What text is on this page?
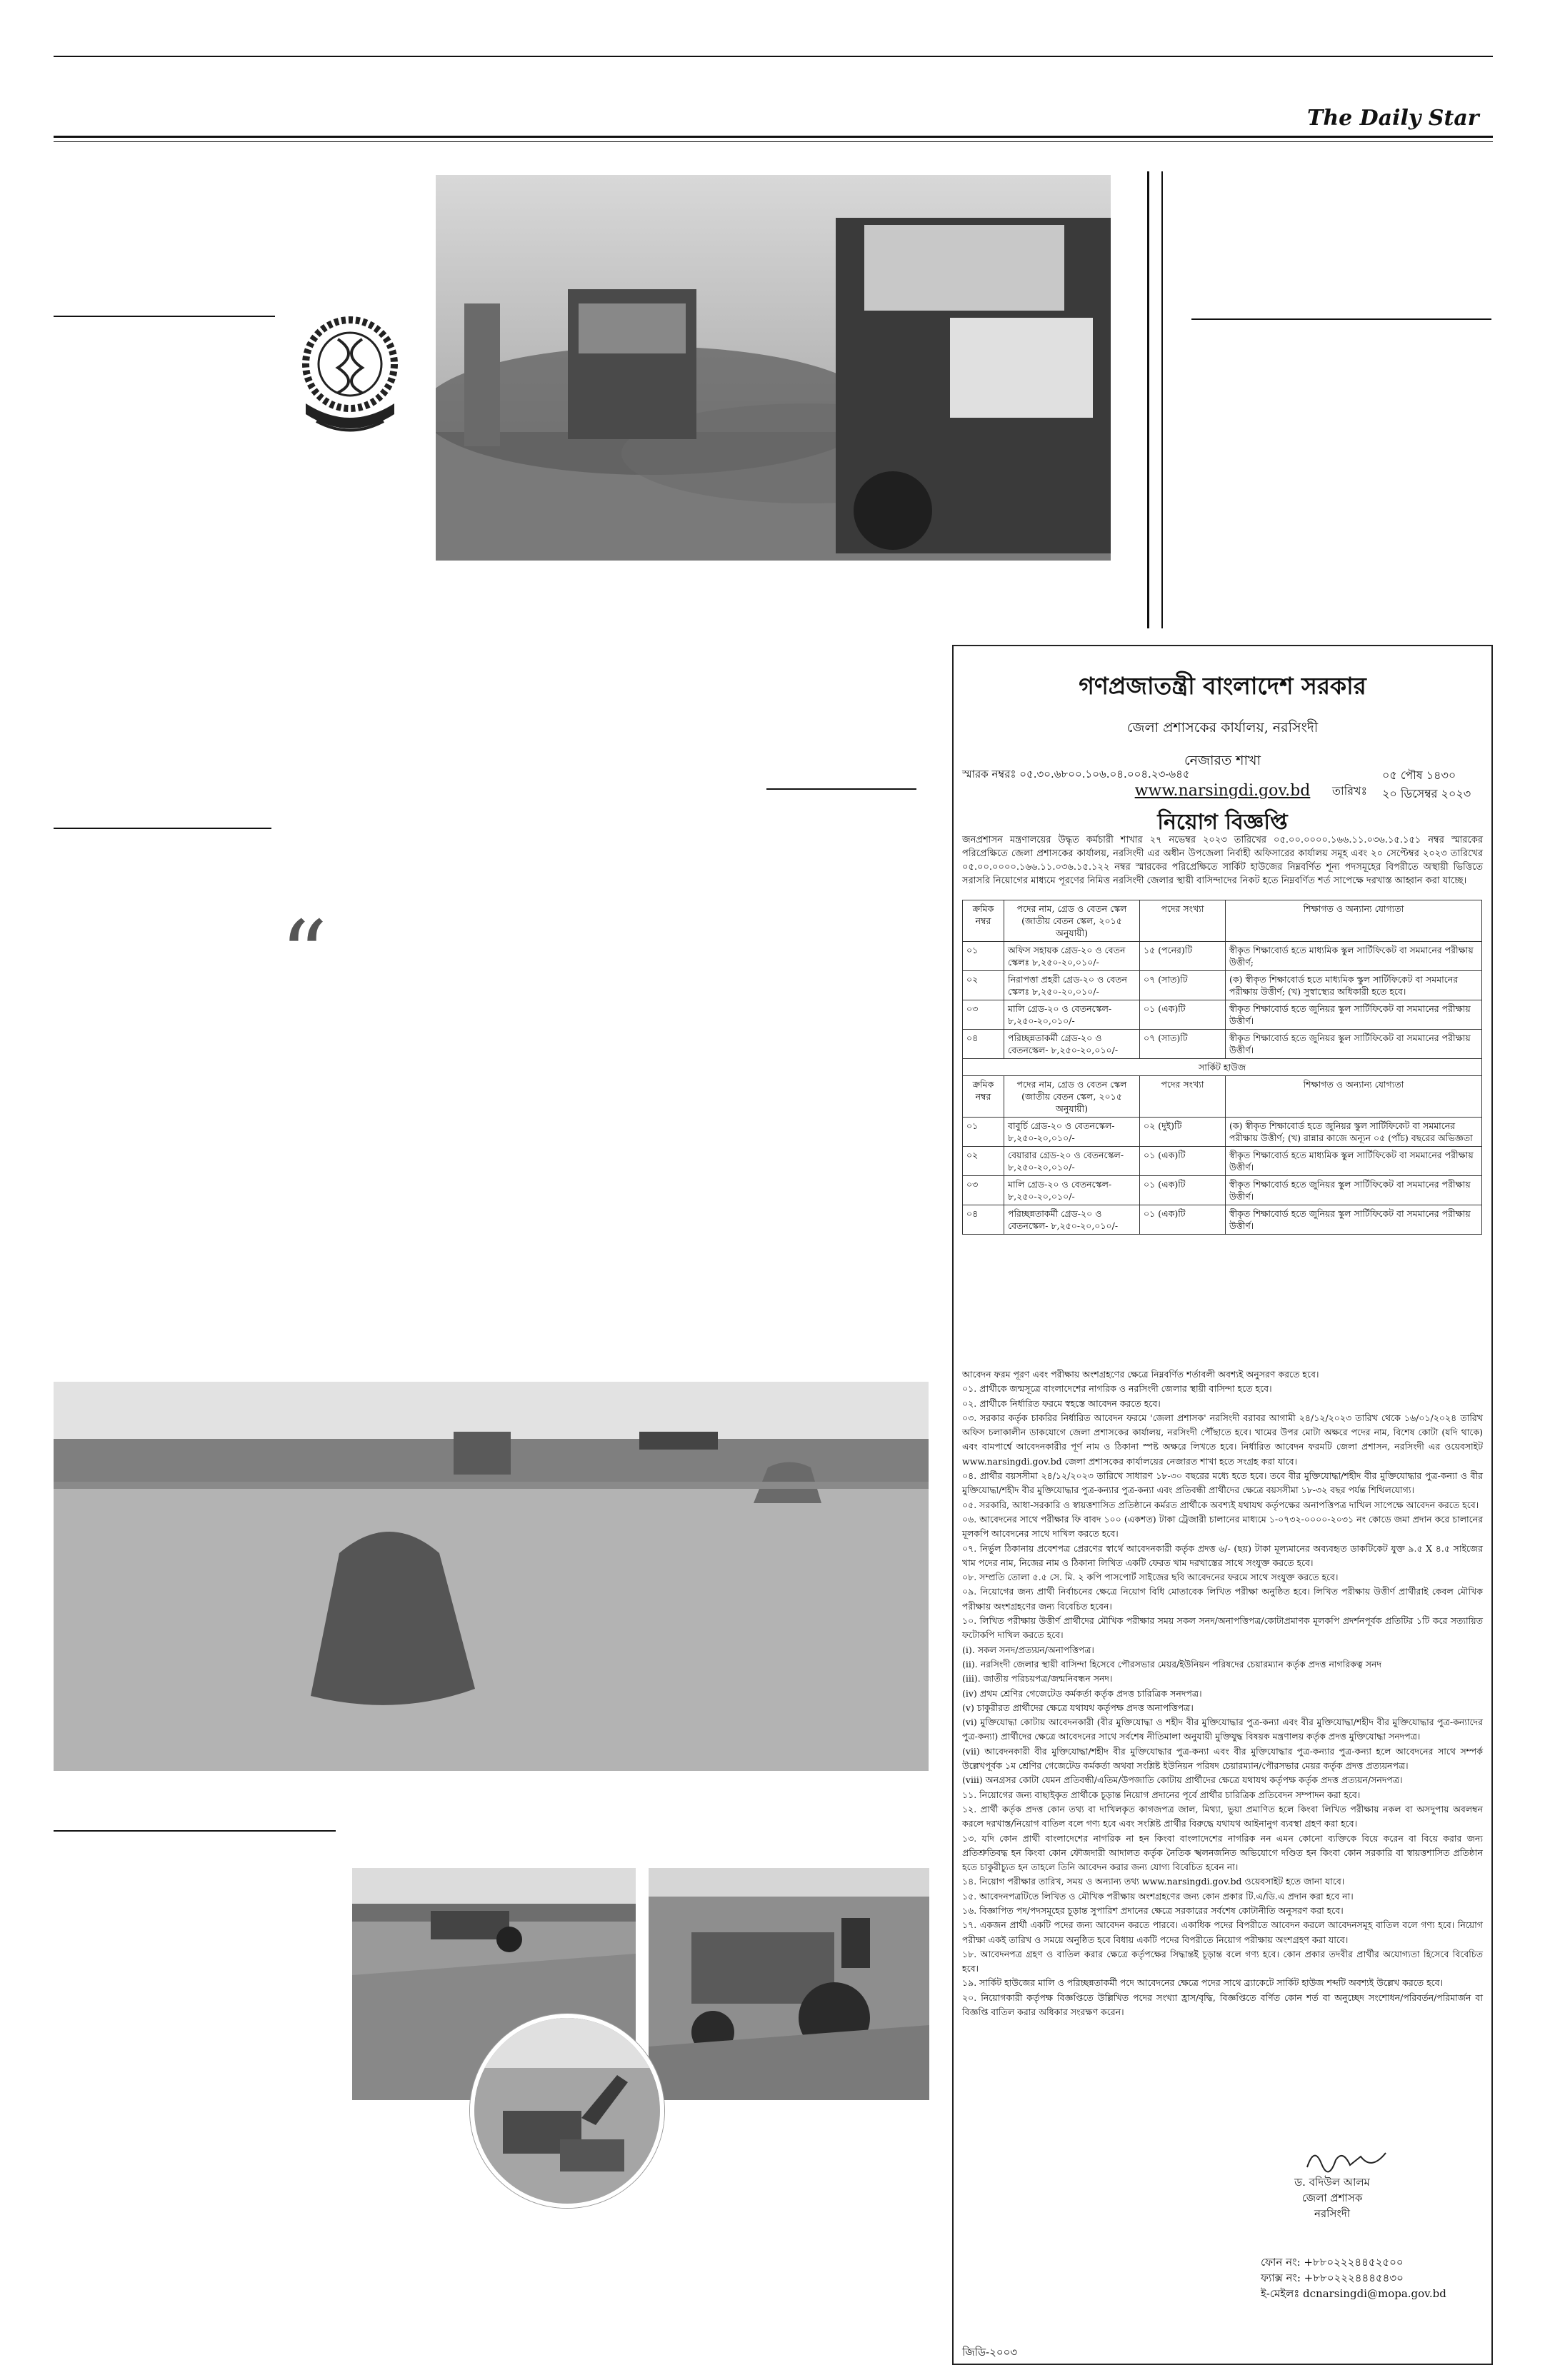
The Daily Star
“
গণপ্রজাতন্ত্রী বাংলাদেশ সরকার
জেলা প্রশাসকের কার্যালয়, নরসিংদী
নেজারত শাখা
www.narsingdi.gov.bd
স্মারক নম্বরঃ ০৫.৩০.৬৮০০.১০৬.০৪.০০৪.২৩-৬৪৫
তারিখঃ
০৫ পৌষ ১৪৩০
২০ ডিসেম্বর ২০২৩
নিয়োগ বিজ্ঞপ্তি
জনপ্রশাসন মন্ত্রণালয়ের উদ্ধৃত কর্মচারী শাখার ২৭ নভেম্বর ২০২৩ তারিখের ০৫.০০.০০০০.১৬৬.১১.০৩৬.১৫.১৫১ নম্বর স্মারকের পরিপ্রেক্ষিতে জেলা প্রশাসকের কার্যালয়, নরসিংদী এর অধীন উপজেলা নির্বাহী অফিসারের কার্যালয় সমূহ এবং ২০ সেপ্টেম্বর ২০২৩ তারিখের ০৫.০০.০০০০.১৬৬.১১.০৩৬.১৫.১২২ নম্বর স্মারকের পরিপ্রেক্ষিতে সার্কিট হাউজের নিম্নবর্ণিত শূন্য পদসমূহের বিপরীতে অস্থায়ী ভিত্তিতে সরাসরি নিয়োগের মাধ্যমে পূরণের নিমিত্ত নরসিংদী জেলার স্থায়ী বাসিন্দাদের নিকট হতে নিম্নবর্ণিত শর্ত সাপেক্ষে দরখাস্ত আহ্বান করা যাচ্ছে।
ক্রমিক নম্বর	পদের নাম, গ্রেড ও বেতন স্কেল (জাতীয় বেতন স্কেল, ২০১৫ অনুযায়ী)	পদের সংখ্যা	শিক্ষাগত ও অন্যান্য যোগ্যতা
০১	অফিস সহায়ক গ্রেড-২০ ও বেতন স্কেলঃ ৮,২৫০-২০,০১০/-	১৫ (পনের)টি	স্বীকৃত শিক্ষাবোর্ড হতে মাধ্যমিক স্কুল সার্টিফিকেট বা সমমানের পরীক্ষায় উত্তীর্ণ;
০২	নিরাপত্তা প্রহরী গ্রেড-২০ ও বেতন স্কেলঃ ৮,২৫০-২০,০১০/-	০৭ (সাত)টি	(ক) স্বীকৃত শিক্ষাবোর্ড হতে মাধ্যমিক স্কুল সার্টিফিকেট বা সমমানের পরীক্ষায় উত্তীর্ণ; (খ) সুস্বাস্থ্যের অধিকারী হতে হবে।
০৩	মালি গ্রেড-২০ ও বেতনস্কেল- ৮,২৫০-২০,০১০/-	০১ (এক)টি	স্বীকৃত শিক্ষাবোর্ড হতে জুনিয়র স্কুল সার্টিফিকেট বা সমমানের পরীক্ষায় উত্তীর্ণ।
০৪	পরিচ্ছন্নতাকর্মী গ্রেড-২০ ও বেতনস্কেল- ৮,২৫০-২০,০১০/-	০৭ (সাত)টি	স্বীকৃত শিক্ষাবোর্ড হতে জুনিয়র স্কুল সার্টিফিকেট বা সমমানের পরীক্ষায় উত্তীর্ণ।
সার্কিট হাউজ			
ক্রমিক নম্বর	পদের নাম, গ্রেড ও বেতন স্কেল (জাতীয় বেতন স্কেল, ২০১৫ অনুযায়ী)	পদের সংখ্যা	শিক্ষাগত ও অন্যান্য যোগ্যতা
০১	বাবুর্চি গ্রেড-২০ ও বেতনস্কেল- ৮,২৫০-২০,০১০/-	০২ (দুই)টি	(ক) স্বীকৃত শিক্ষাবোর্ড হতে জুনিয়র স্কুল সার্টিফিকেট বা সমমানের পরীক্ষায় উত্তীর্ণ; (খ) রান্নার কাজে অন্যূন ০৫ (পাঁচ) বছরের অভিজ্ঞতা
০২	বেয়ারার গ্রেড-২০ ও বেতনস্কেল- ৮,২৫০-২০,০১০/-	০১ (এক)টি	স্বীকৃত শিক্ষাবোর্ড হতে মাধ্যমিক স্কুল সার্টিফিকেট বা সমমানের পরীক্ষায় উত্তীর্ণ।
০৩	মালি গ্রেড-২০ ও বেতনস্কেল- ৮,২৫০-২০,০১০/-	০১ (এক)টি	স্বীকৃত শিক্ষাবোর্ড হতে জুনিয়র স্কুল সার্টিফিকেট বা সমমানের পরীক্ষায় উত্তীর্ণ।
০৪	পরিচ্ছন্নতাকর্মী গ্রেড-২০ ও বেতনস্কেল- ৮,২৫০-২০,০১০/-	০১ (এক)টি	স্বীকৃত শিক্ষাবোর্ড হতে জুনিয়র স্কুল সার্টিফিকেট বা সমমানের পরীক্ষায় উত্তীর্ণ।

আবেদন ফরম পূরণ এবং পরীক্ষায় অংশগ্রহণের ক্ষেত্রে নিম্নবর্ণিত শর্তাবলী অবশ্যই অনুসরণ করতে হবে।

০১. প্রার্থীকে জন্মসূত্রে বাংলাদেশের নাগরিক ও নরসিংদী জেলার স্থায়ী বাসিন্দা হতে হবে।

০২. প্রার্থীকে নির্ধারিত ফরমে স্বহস্তে আবেদন করতে হবে।

০৩. সরকার কর্তৃক চাকরির নির্ধারিত আবেদন ফরমে 'জেলা প্রশাসক' নরসিংদী বরাবর আগামী ২৪/১২/২০২৩ তারিখ থেকে ১৬/০১/২০২৪ তারিখ অফিস চলাকালীন ডাকযোগে জেলা প্রশাসকের কার্যালয়, নরসিংদী পৌঁছাতে হবে। খামের উপর মোটা অক্ষরে পদের নাম, বিশেষ কোটা (যদি থাকে) এবং বামপার্শ্বে আবেদনকারীর পূর্ণ নাম ও ঠিকানা স্পষ্ট অক্ষরে লিখতে হবে। নির্ধারিত আবেদন ফরমটি জেলা প্রশাসন, নরসিংদী এর ওয়েবসাইট www.narsingdi.gov.bd জেলা প্রশাসকের কার্যালয়ের নেজারত শাখা হতে সংগ্রহ করা যাবে।

০৪. প্রার্থীর বয়সসীমা ২৪/১২/২০২৩ তারিখে সাধারণ ১৮-৩০ বছরের মধ্যে হতে হবে। তবে বীর মুক্তিযোদ্ধা/শহীদ বীর মুক্তিযোদ্ধার পুত্র-কন্যা ও বীর মুক্তিযোদ্ধা/শহীদ বীর মুক্তিযোদ্ধার পুত্র-কন্যার পুত্র-কন্যা এবং প্রতিবন্ধী প্রার্থীদের ক্ষেত্রে বয়সসীমা ১৮-৩২ বছর পর্যন্ত শিথিলযোগ্য।

০৫. সরকারি, আধা-সরকারি ও স্বায়ত্তশাসিত প্রতিষ্ঠানে কর্মরত প্রার্থীকে অবশ্যই যথাযথ কর্তৃপক্ষের অনাপত্তিপত্র দাখিল সাপেক্ষে আবেদন করতে হবে।

০৬. আবেদনের সাথে পরীক্ষার ফি বাবদ ১০০ (একশত) টাকা ট্রেজারী চালানের মাধ্যমে ১-০৭৩২-০০০০-২০৩১ নং কোডে জমা প্রদান করে চালানের মূলকপি আবেদনের সাথে দাখিল করতে হবে।

০৭. নির্ভুল ঠিকানায় প্রবেশপত্র প্রেরণের স্বার্থে আবেদনকারী কর্তৃক প্রদত্ত ৬/- (ছয়) টাকা মূল্যমানের অব্যবহৃত ডাকটিকেট যুক্ত ৯.৫ X ৪.৫ সাইজের খাম পদের নাম, নিজের নাম ও ঠিকানা লিখিত একটি ফেরত খাম দরখাস্তের সাথে সংযুক্ত করতে হবে।

০৮. সম্প্রতি তোলা ৫.৫ সে. মি. ২ কপি পাসপোর্ট সাইজের ছবি আবেদনের ফরমে সাথে সংযুক্ত করতে হবে।

০৯. নিয়োগের জন্য প্রার্থী নির্বাচনের ক্ষেত্রে নিয়োগ বিধি মোতাবেক লিখিত পরীক্ষা অনুষ্ঠিত হবে। লিখিত পরীক্ষায় উত্তীর্ণ প্রার্থীরাই কেবল মৌখিক পরীক্ষায় অংশগ্রহণের জন্য বিবেচিত হবেন।

১০. লিখিত পরীক্ষায় উত্তীর্ণ প্রার্থীদের মৌখিক পরীক্ষার সময় সকল সনদ/অনাপত্তিপত্র/কোটাপ্রমাণক মূলকপি প্রদর্শনপূর্বক প্রতিটির ১টি করে সত্যায়িত ফটোকপি দাখিল করতে হবে।

(i). সকল সনদ/প্রত্যয়ন/অনাপত্তিপত্র।

(ii). নরসিংদী জেলার স্থায়ী বাসিন্দা হিসেবে পৌরসভার মেয়র/ইউনিয়ন পরিষদের চেয়ারম্যান কর্তৃক প্রদত্ত নাগরিকত্ব সনদ

(iii). জাতীয় পরিচয়পত্র/জন্মনিবন্ধন সনদ।

(iv) প্রথম শ্রেণির গেজেটেড কর্মকর্তা কর্তৃক প্রদত্ত চারিত্রিক সনদপত্র।

(v) চাকুরীরত প্রার্থীদের ক্ষেত্রে যথাযথ কর্তৃপক্ষ প্রদত্ত অনাপত্তিপত্র।

(vi) মুক্তিযোদ্ধা কোটায় আবেদনকারী (বীর মুক্তিযোদ্ধা ও শহীদ বীর মুক্তিযোদ্ধার পুত্র-কন্যা এবং বীর মুক্তিযোদ্ধা/শহীদ বীর মুক্তিযোদ্ধার পুত্র-কন্যাদের পুত্র-কন্যা) প্রার্থীদের ক্ষেত্রে আবেদনের সাথে সর্বশেষ নীতিমালা অনুযায়ী মুক্তিযুদ্ধ বিষয়ক মন্ত্রণালয় কর্তৃক প্রদত্ত মুক্তিযোদ্ধা সনদপত্র।

(vii) আবেদনকারী বীর মুক্তিযোদ্ধা/শহীদ বীর মুক্তিযোদ্ধার পুত্র-কন্যা এবং বীর মুক্তিযোদ্ধার পুত্র-কন্যার পুত্র-কন্যা হলে আবেদনের সাথে সম্পর্ক উল্লেখপূর্বক ১ম শ্রেণির গেজেটেড কর্মকর্তা অথবা সংশ্লিষ্ট ইউনিয়ন পরিষদ চেয়ারম্যান/পৌরসভার মেয়র কর্তৃক প্রদত্ত প্রত্যয়নপত্র।

(viii) অনগ্রসর কোটা যেমন প্রতিবন্ধী/এতিম/উপজাতি কোটায় প্রার্থীদের ক্ষেত্রে যথাযথ কর্তৃপক্ষ কর্তৃক প্রদত্ত প্রত্যয়ন/সনদপত্র।

১১. নিয়োগের জন্য বাছাইকৃত প্রার্থীকে চূড়ান্ত নিয়োগ প্রদানের পূর্বে প্রার্থীর চারিত্রিক প্রতিবেদন সম্পাদন করা হবে।

১২. প্রার্থী কর্তৃক প্রদত্ত কোন তথ্য বা দাখিলকৃত কাগজপত্র জাল, মিথ্যা, ভুয়া প্রমাণিত হলে কিংবা লিখিত পরীক্ষায় নকল বা অসদুপায় অবলম্বন করলে দরখাস্ত/নিয়োগ বাতিল বলে গণ্য হবে এবং সংশ্লিষ্ট প্রার্থীর বিরুদ্ধে যথাযথ আইনানুগ ব্যবস্থা গ্রহণ করা হবে।

১৩. যদি কোন প্রার্থী বাংলাদেশের নাগরিক না হন কিংবা বাংলাদেশের নাগরিক নন এমন কোনো ব্যক্তিকে বিয়ে করেন বা বিয়ে করার জন্য প্রতিশ্রুতিবদ্ধ হন কিংবা কোন ফৌজদারী আদালত কর্তৃক নৈতিক স্খলনজনিত অভিযোগে দণ্ডিত হন কিংবা কোন সরকারি বা স্বায়ত্তশাসিত প্রতিষ্ঠান হতে চাকুরীচ্যুত হন তাহলে তিনি আবেদন করার জন্য যোগ্য বিবেচিত হবেন না।

১৪. নিয়োগ পরীক্ষার তারিখ, সময় ও অন্যান্য তথ্য www.narsingdi.gov.bd ওয়েবসাইট হতে জানা যাবে।

১৫. আবেদনপত্রটিতে লিখিত ও মৌখিক পরীক্ষায় অংশগ্রহণের জন্য কোন প্রকার টি.এ/ডি.এ প্রদান করা হবে না।

১৬. বিজ্ঞাপিত পদ/পদসমূহের চূড়ান্ত সুপারিশ প্রদানের ক্ষেত্রে সরকারের সর্বশেষ কোটানীতি অনুসরণ করা হবে।

১৭. একজন প্রার্থী একটি পদের জন্য আবেদন করতে পারবে। একাধিক পদের বিপরীতে আবেদন করলে আবেদনসমূহ বাতিল বলে গণ্য হবে। নিয়োগ পরীক্ষা একই তারিখ ও সময়ে অনুষ্ঠিত হবে বিধায় একটি পদের বিপরীতে নিয়োগ পরীক্ষায় অংশগ্রহণ করা যাবে।

১৮. আবেদনপত্র গ্রহণ ও বাতিল করার ক্ষেত্রে কর্তৃপক্ষের সিদ্ধান্তই চূড়ান্ত বলে গণ্য হবে। কোন প্রকার তদবীর প্রার্থীর অযোগ্যতা হিসেবে বিবেচিত হবে।

১৯. সার্কিট হাউজের মালি ও পরিচ্ছন্নতাকর্মী পদে আবেদনের ক্ষেত্রে পদের সাথে ব্র্যাকেটে সার্কিট হাউজ শব্দটি অবশ্যই উল্লেখ করতে হবে।

২০. নিয়োগকারী কর্তৃপক্ষ বিজ্ঞপ্তিতে উল্লিখিত পদের সংখ্যা হ্রাস/বৃদ্ধি, বিজ্ঞপ্তিতে বর্ণিত কোন শর্ত বা অনুচ্ছেদ সংশোধন/পরিবর্তন/পরিমার্জন বা বিজ্ঞপ্তি বাতিল করার অধিকার সংরক্ষণ করেন।

ড. বদিউল আলম
জেলা প্রশাসক
নরসিংদী
ফোন নং: +৮৮০২২২৪৪৫২৫০০
ফ্যাক্স নং: +৮৮০২২২৪৪৪৫৪৩০
ই-মেইলঃ dcnarsingdi@mopa.gov.bd
জিডি-২০০৩
